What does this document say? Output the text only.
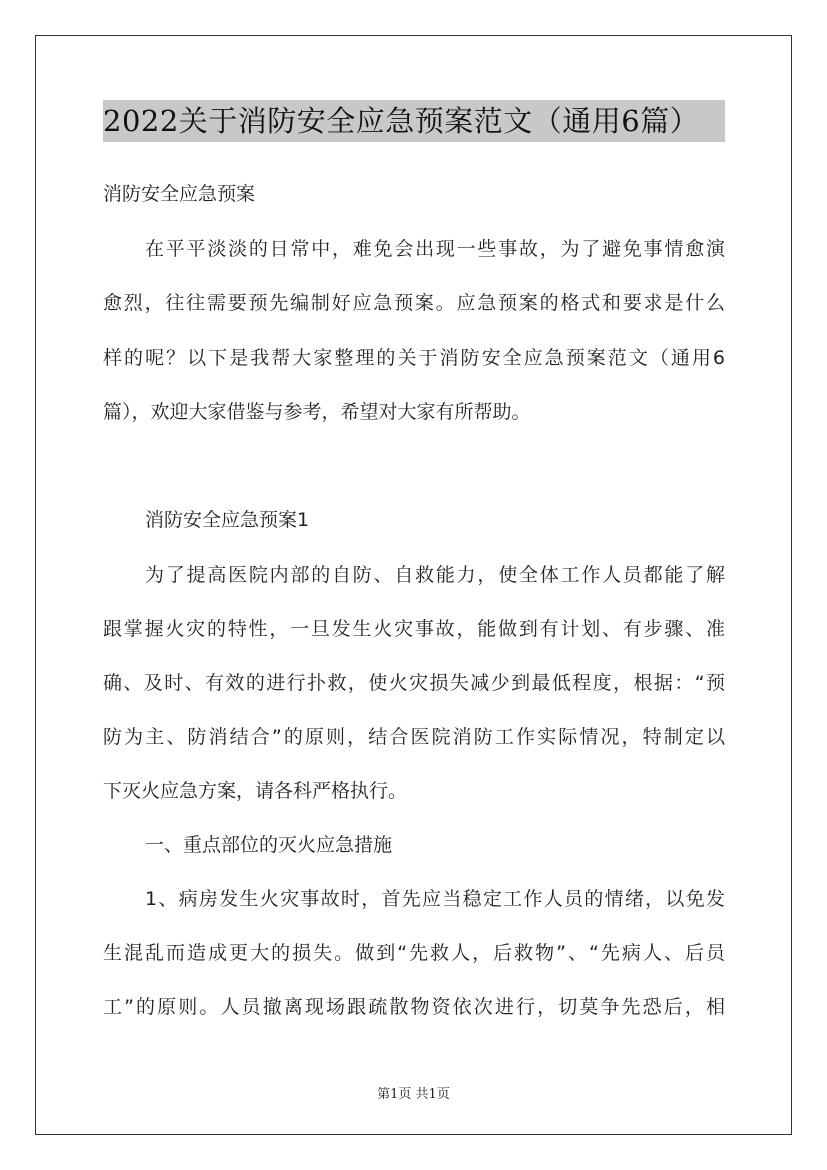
2022关于消防安全应急预案范文（通用6篇）
消防安全应急预案
在平平淡淡的日常中，难免会出现一些事故，为了避免事情愈演
愈烈，往往需要预先编制好应急预案。应急预案的格式和要求是什么
样的呢？以下是我帮大家整理的关于消防安全应急预案范文（通用6
篇），欢迎大家借鉴与参考，希望对大家有所帮助。
消防安全应急预案1
为了提高医院内部的自防、自救能力，使全体工作人员都能了解
跟掌握火灾的特性，一旦发生火灾事故，能做到有计划、有步骤、准
确、及时、有效的进行扑救，使火灾损失减少到最低程度，根据：“预
防为主、防消结合”的原则，结合医院消防工作实际情况，特制定以
下灭火应急方案，请各科严格执行。
一、重点部位的灭火应急措施
1、病房发生火灾事故时，首先应当稳定工作人员的情绪，以免发
生混乱而造成更大的损失。做到“先救人，后救物”、“先病人、后员
工”的原则。人员撤离现场跟疏散物资依次进行，切莫争先恐后，相
第1页 共1页
